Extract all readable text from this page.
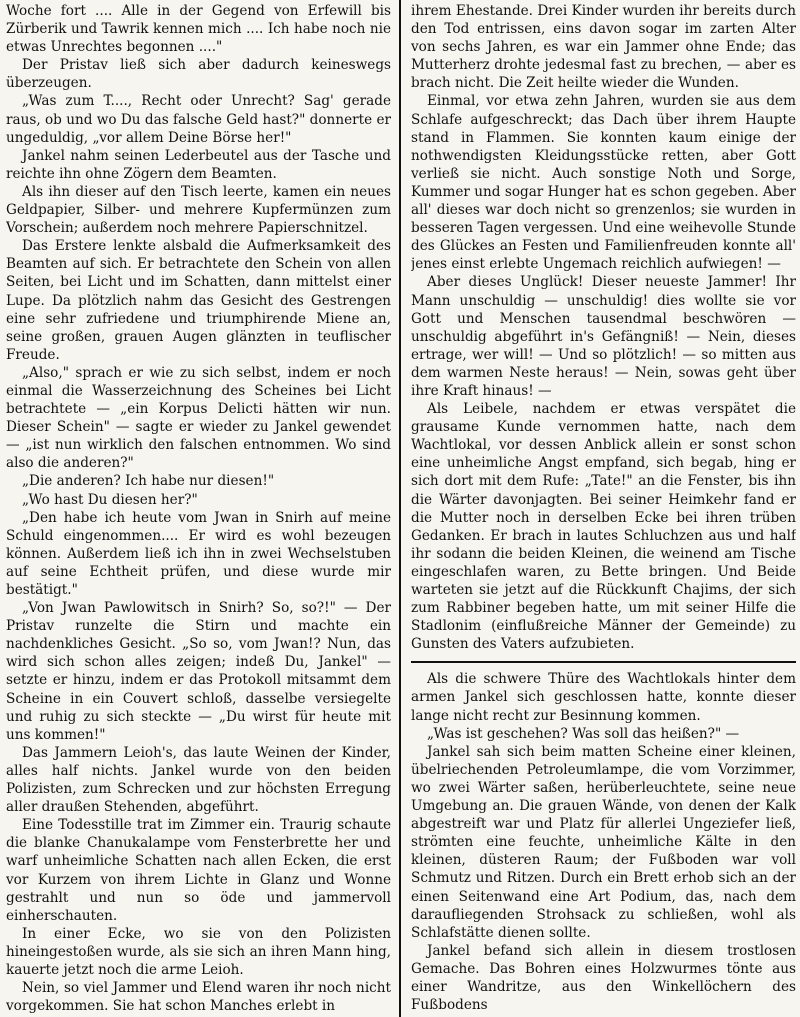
Woche fort .... Alle in der Gegend von Erfewill bis Zürberik und Tawrik kennen mich .... Ich habe noch nie etwas Unrechtes begonnen ...."

Der Pristav ließ sich aber dadurch keineswegs überzeugen.

„Was zum T...., Recht oder Unrecht? Sag' gerade raus, ob und wo Du das falsche Geld hast?" donnerte er ungeduldig, „vor allem Deine Börse her!"

Jankel nahm seinen Lederbeutel aus der Tasche und reichte ihn ohne Zögern dem Beamten.

Als ihn dieser auf den Tisch leerte, kamen ein neues Geldpapier, Silber- und mehrere Kupfermünzen zum Vorschein; außerdem noch mehrere Papierschnitzel.

Das Erstere lenkte alsbald die Aufmerksamkeit des Beamten auf sich. Er betrachtete den Schein von allen Seiten, bei Licht und im Schatten, dann mittelst einer Lupe. Da plötzlich nahm das Gesicht des Gestrengen eine sehr zufriedene und triumphirende Miene an, seine großen, grauen Augen glänzten in teuflischer Freude.

„Also," sprach er wie zu sich selbst, indem er noch einmal die Wasserzeichnung des Scheines bei Licht betrachtete — „ein Korpus Delicti hätten wir nun. Dieser Schein" — sagte er wieder zu Jankel gewendet — „ist nun wirklich den falschen entnommen. Wo sind also die anderen?"

„Die anderen? Ich habe nur diesen!"

„Wo hast Du diesen her?"

„Den habe ich heute vom Jwan in Snirh auf meine Schuld eingenommen.... Er wird es wohl bezeugen können. Außerdem ließ ich ihn in zwei Wechselstuben auf seine Echtheit prüfen, und diese wurde mir bestätigt."

„Von Jwan Pawlowitsch in Snirh? So, so?!" — Der Pristav runzelte die Stirn und machte ein nachdenkliches Gesicht. „So so, vom Jwan!? Nun, das wird sich schon alles zeigen; indeß Du, Jankel" — setzte er hinzu, indem er das Protokoll mitsammt dem Scheine in ein Couvert schloß, dasselbe versiegelte und ruhig zu sich steckte — „Du wirst für heute mit uns kommen!"

Das Jammern Leioh's, das laute Weinen der Kinder, alles half nichts. Jankel wurde von den beiden Polizisten, zum Schrecken und zur höchsten Erregung aller draußen Stehenden, abgeführt.

Eine Todesstille trat im Zimmer ein. Traurig schaute die blanke Chanukalampe vom Fensterbrette her und warf unheimliche Schatten nach allen Ecken, die erst vor Kurzem von ihrem Lichte in Glanz und Wonne gestrahlt und nun so öde und jammervoll einherschauten.

In einer Ecke, wo sie von den Polizisten hineingestoßen wurde, als sie sich an ihren Mann hing, kauerte jetzt noch die arme Leioh.

Nein, so viel Jammer und Elend waren ihr noch nicht vorgekommen. Sie hat schon Manches erlebt in

ihrem Ehestande. Drei Kinder wurden ihr bereits durch den Tod entrissen, eins davon sogar im zarten Alter von sechs Jahren, es war ein Jammer ohne Ende; das Mutterherz drohte jedesmal fast zu brechen, — aber es brach nicht. Die Zeit heilte wieder die Wunden.

Einmal, vor etwa zehn Jahren, wurden sie aus dem Schlafe aufgeschreckt; das Dach über ihrem Haupte stand in Flammen. Sie konnten kaum einige der nothwendigsten Kleidungsstücke retten, aber Gott verließ sie nicht. Auch sonstige Noth und Sorge, Kummer und sogar Hunger hat es schon gegeben. Aber all' dieses war doch nicht so grenzenlos; sie wurden in besseren Tagen vergessen. Und eine weihevolle Stunde des Glückes an Festen und Familienfreuden konnte all' jenes einst erlebte Ungemach reichlich aufwiegen! —

Aber dieses Unglück! Dieser neueste Jammer! Ihr Mann unschuldig — unschuldig! dies wollte sie vor Gott und Menschen tausendmal beschwören — unschuldig abgeführt in's Gefängniß! — Nein, dieses ertrage, wer will! — Und so plötzlich! — so mitten aus dem warmen Neste heraus! — Nein, sowas geht über ihre Kraft hinaus! —

Als Leibele, nachdem er etwas verspätet die grausame Kunde vernommen hatte, nach dem Wachtlokal, vor dessen Anblick allein er sonst schon eine unheimliche Angst empfand, sich begab, hing er sich dort mit dem Rufe: „Tate!" an die Fenster, bis ihn die Wärter davonjagten. Bei seiner Heimkehr fand er die Mutter noch in derselben Ecke bei ihren trüben Gedanken. Er brach in lautes Schluchzen aus und half ihr sodann die beiden Kleinen, die weinend am Tische eingeschlafen waren, zu Bette bringen. Und Beide warteten sie jetzt auf die Rückkunft Chajims, der sich zum Rabbiner begeben hatte, um mit seiner Hilfe die Stadlonim (einflußreiche Männer der Gemeinde) zu Gunsten des Vaters aufzubieten.

Als die schwere Thüre des Wachtlokals hinter dem armen Jankel sich geschlossen hatte, konnte dieser lange nicht recht zur Besinnung kommen.

„Was ist geschehen? Was soll das heißen?" —

Jankel sah sich beim matten Scheine einer kleinen, übelriechenden Petroleumlampe, die vom Vorzimmer, wo zwei Wärter saßen, herüberleuchtete, seine neue Umgebung an. Die grauen Wände, von denen der Kalk abgestreift war und Platz für allerlei Ungeziefer ließ, strömten eine feuchte, unheimliche Kälte in den kleinen, düsteren Raum; der Fußboden war voll Schmutz und Ritzen. Durch ein Brett erhob sich an der einen Seitenwand eine Art Podium, das, nach dem daraufliegenden Strohsack zu schließen, wohl als Schlafstätte dienen sollte.

Jankel befand sich allein in diesem trostlosen Gemache. Das Bohren eines Holzwurmes tönte aus einer Wandritze, aus den Winkellöchern des Fußbodens
